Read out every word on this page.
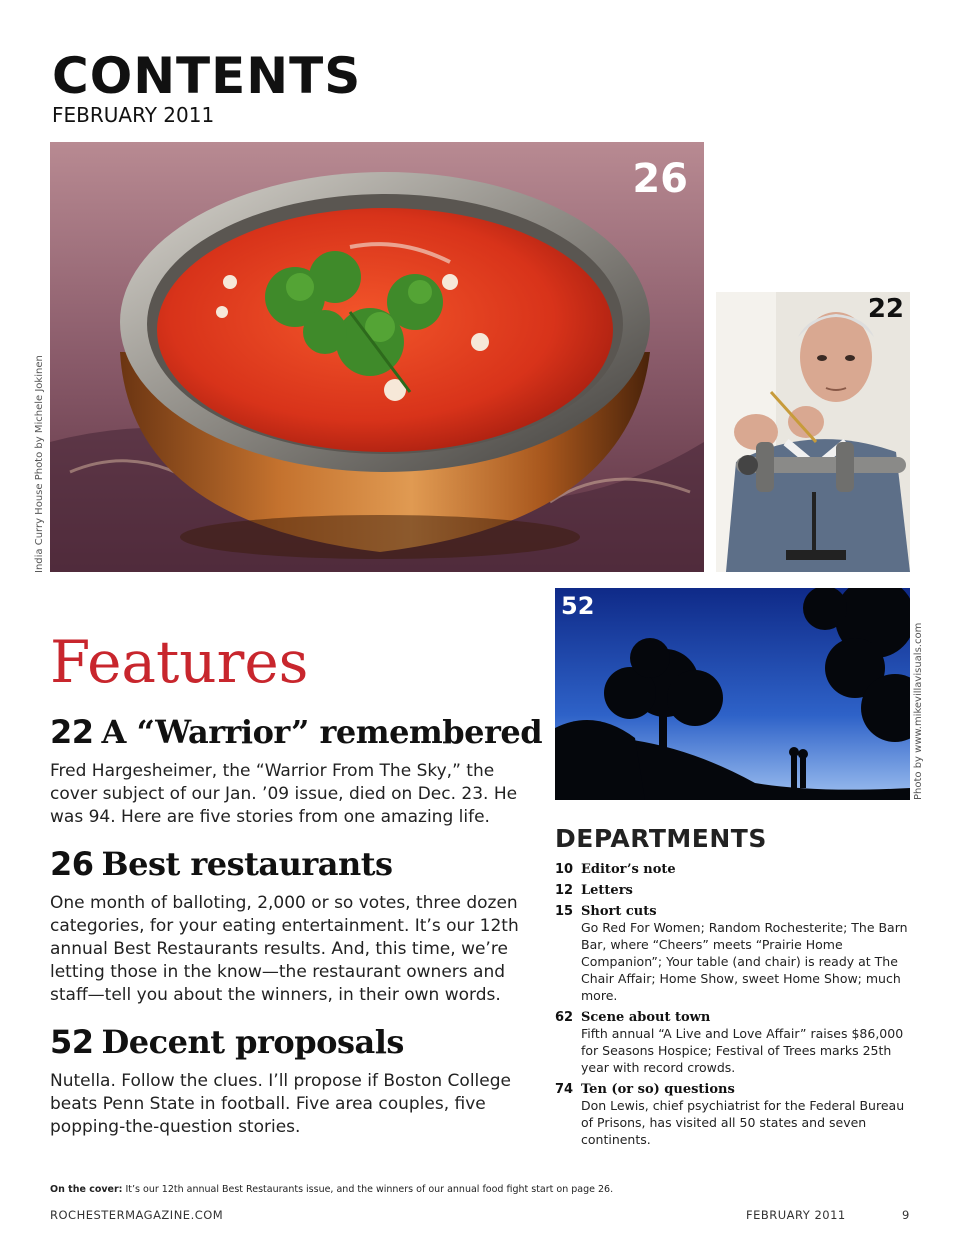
CONTENTS
FEBRUARY 2011
26
India Curry House Photo by Michele Jokinen
22
52
Photo by www.mikevillavisuals.com
Features
22 A “Warrior” remembered
Fred Hargesheimer, the “Warrior From The Sky,” the cover subject of our Jan. ’09 issue, died on Dec. 23. He was 94. Here are five stories from one amazing life.
26 Best restaurants
One month of balloting, 2,000 or so votes, three dozen categories, for your eating entertainment. It’s our 12th annual Best Restaurants results. And, this time, we’re letting those in the know—the restaurant owners and staff—tell you about the winners, in their own words.
52 Decent proposals
Nutella. Follow the clues. I’ll propose if Boston College beats Penn State in football. Five area couples, five popping-the-question stories.
DEPARTMENTS
10 Editor’s note
12 Letters
15 Short cuts
Go Red For Women; Random Rochesterite; The Barn Bar, where “Cheers” meets “Prairie Home Companion”; Your table (and chair) is ready at The Chair Affair; Home Show, sweet Home Show; much more.
62 Scene about town
Fifth annual “A Live and Love Affair” raises $86,000 for Seasons Hospice; Festival of Trees marks 25th year with record crowds.
74 Ten (or so) questions
Don Lewis, chief psychiatrist for the Federal Bureau of Prisons, has visited all 50 states and seven continents.
On the cover: It’s our 12th annual Best Restaurants issue, and the winners of our annual food fight start on page 26.
ROCHESTERMAGAZINE.COM	FEBRUARY 2011	9
